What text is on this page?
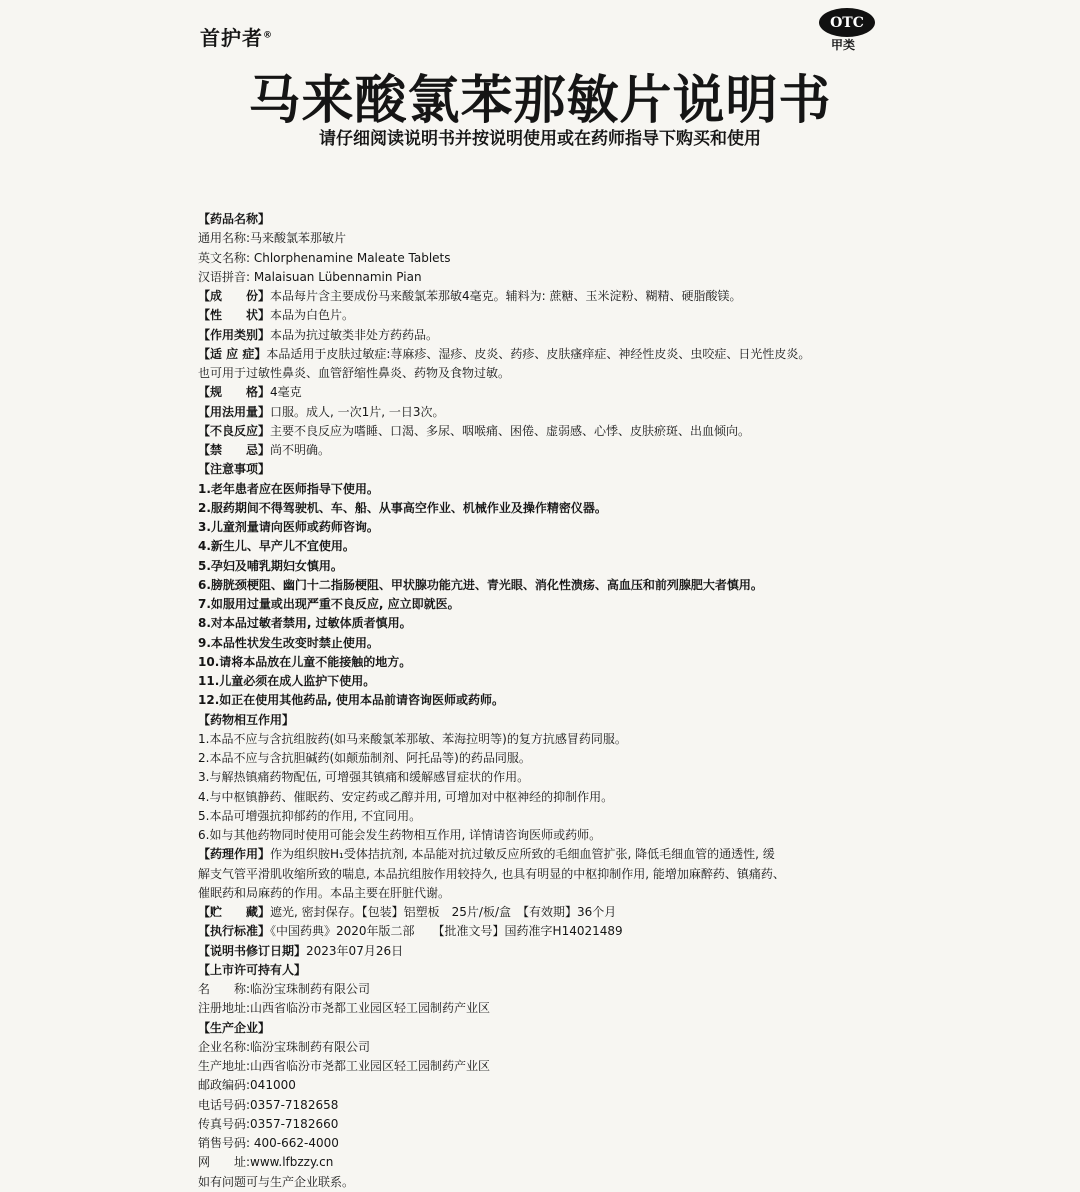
首护者®
OTC
甲类
马来酸氯苯那敏片说明书
请仔细阅读说明书并按说明使用或在药师指导下购买和使用
【药品名称】
通用名称:马来酸氯苯那敏片
英文名称: Chlorphenamine Maleate Tablets
汉语拼音: Malaisuan Lübennamin Pian
【成　　份】本品每片含主要成份马来酸氯苯那敏4毫克。辅料为: 蔗糖、玉米淀粉、糊精、硬脂酸镁。
【性　　状】本品为白色片。
【作用类别】本品为抗过敏类非处方药药品。
【适 应 症】本品适用于皮肤过敏症:荨麻疹、湿疹、皮炎、药疹、皮肤瘙痒症、神经性皮炎、虫咬症、日光性皮炎。
也可用于过敏性鼻炎、血管舒缩性鼻炎、药物及食物过敏。
【规　　格】4毫克
【用法用量】口服。成人, 一次1片, 一日3次。
【不良反应】主要不良反应为嗜睡、口渴、多尿、咽喉痛、困倦、虚弱感、心悸、皮肤瘀斑、出血倾向。
【禁　　忌】尚不明确。
【注意事项】
1.老年患者应在医师指导下使用。
2.服药期间不得驾驶机、车、船、从事高空作业、机械作业及操作精密仪器。
3.儿童剂量请向医师或药师咨询。
4.新生儿、早产儿不宜使用。
5.孕妇及哺乳期妇女慎用。
6.膀胱颈梗阻、幽门十二指肠梗阻、甲状腺功能亢进、青光眼、消化性溃疡、高血压和前列腺肥大者慎用。
7.如服用过量或出现严重不良反应, 应立即就医。
8.对本品过敏者禁用, 过敏体质者慎用。
9.本品性状发生改变时禁止使用。
10.请将本品放在儿童不能接触的地方。
11.儿童必须在成人监护下使用。
12.如正在使用其他药品, 使用本品前请咨询医师或药师。
【药物相互作用】
1.本品不应与含抗组胺药(如马来酸氯苯那敏、苯海拉明等)的复方抗感冒药同服。
2.本品不应与含抗胆碱药(如颠茄制剂、阿托品等)的药品同服。
3.与解热镇痛药物配伍, 可增强其镇痛和缓解感冒症状的作用。
4.与中枢镇静药、催眠药、安定药或乙醇并用, 可增加对中枢神经的抑制作用。
5.本品可增强抗抑郁药的作用, 不宜同用。
6.如与其他药物同时使用可能会发生药物相互作用, 详情请咨询医师或药师。
【药理作用】作为组织胺H₁受体拮抗剂, 本品能对抗过敏反应所致的毛细血管扩张, 降低毛细血管的通透性, 缓
解支气管平滑肌收缩所致的喘息, 本品抗组胺作用较持久, 也具有明显的中枢抑制作用, 能增加麻醉药、镇痛药、
催眠药和局麻药的作用。本品主要在肝脏代谢。
【贮　　藏】遮光, 密封保存。【包装】铝塑板　25片/板/盒　【有效期】36个月
【执行标准】《中国药典》2020年版二部　　【批准文号】国药准字H14021489
【说明书修订日期】2023年07月26日
【上市许可持有人】
名　　称:临汾宝珠制药有限公司
注册地址:山西省临汾市尧都工业园区轻工园制药产业区
【生产企业】
企业名称:临汾宝珠制药有限公司
生产地址:山西省临汾市尧都工业园区轻工园制药产业区
邮政编码:041000
电话号码:0357-7182658
传真号码:0357-7182660
销售号码: 400-662-4000
网　　址:www.lfbzzy.cn
如有问题可与生产企业联系。
